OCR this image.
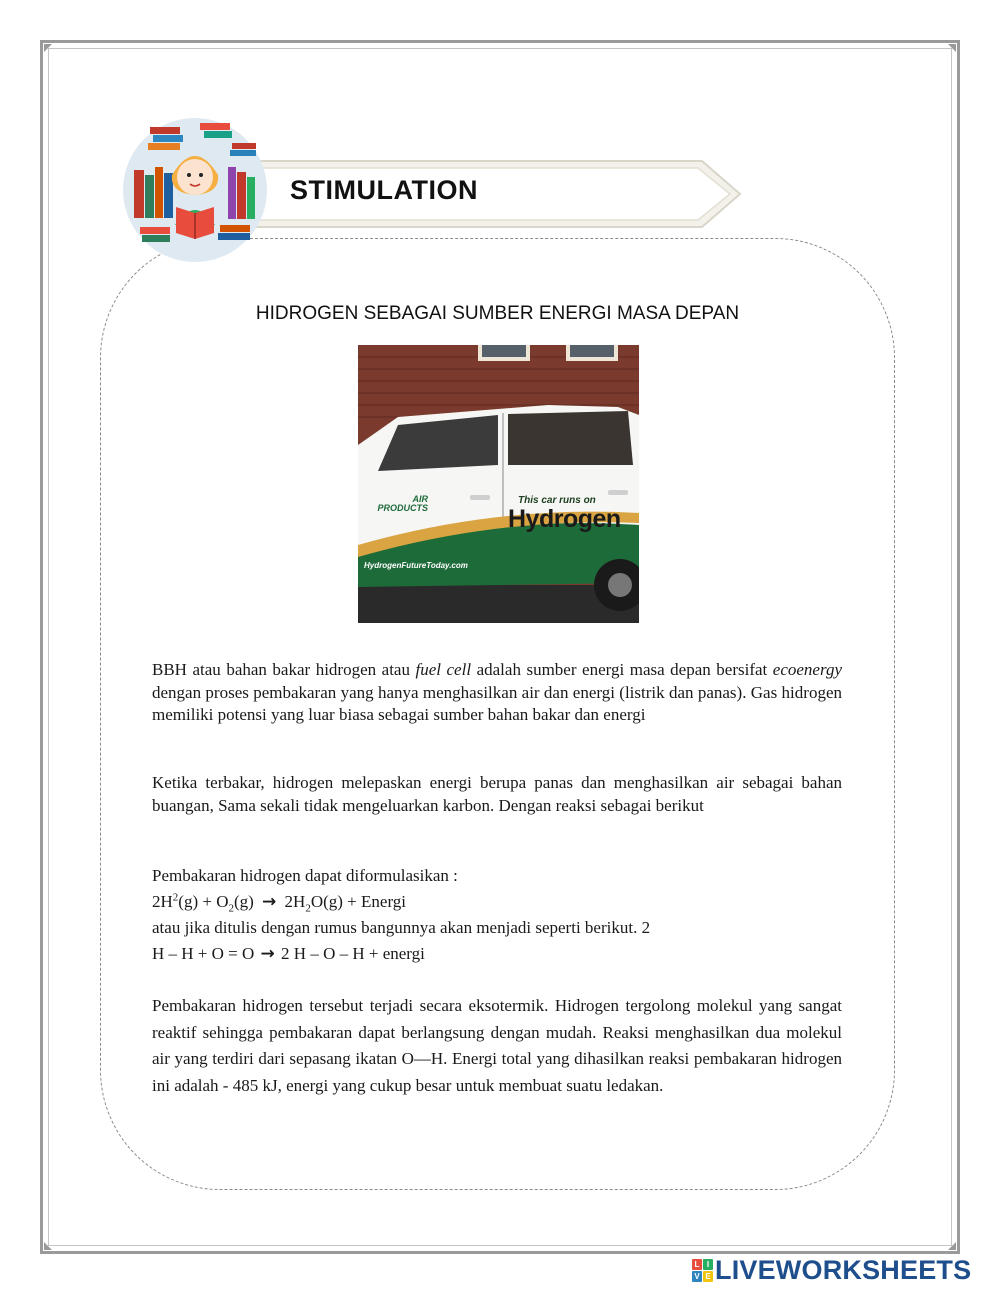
STIMULATION
HIDROGEN SEBAGAI SUMBER ENERGI MASA DEPAN
AIR
PRODUCTS
This car runs on
Hydrogen
HydrogenFutureToday.com
BBH atau bahan bakar hidrogen atau fuel cell adalah sumber energi masa depan bersifat ecoenergy dengan proses pembakaran yang hanya menghasilkan air dan energi (listrik dan panas). Gas hidrogen memiliki potensi yang luar biasa sebagai sumber bahan bakar dan energi
Ketika terbakar, hidrogen melepaskan energi berupa panas dan menghasilkan air sebagai bahan buangan, Sama sekali tidak mengeluarkan karbon. Dengan reaksi sebagai berikut
Pembakaran hidrogen dapat diformulasikan :
$2H^2(g) + O_2(g) \to 2H_2O(g)$ + Energi
atau jika ditulis dengan rumus bangunnya akan menjadi seperti berikut. 2
H – H + O = O → 2 H – O – H + energi
Pembakaran hidrogen tersebut terjadi secara eksotermik. Hidrogen tergolong molekul yang sangat reaktif sehingga pembakaran dapat berlangsung dengan mudah. Reaksi menghasilkan dua molekul air yang terdiri dari sepasang ikatan O—H. Energi total yang dihasilkan reaksi pembakaran hidrogen ini adalah - 485 kJ, energi yang cukup besar untuk membuat suatu ledakan.
L I
V E LIVEWORKSHEETS
